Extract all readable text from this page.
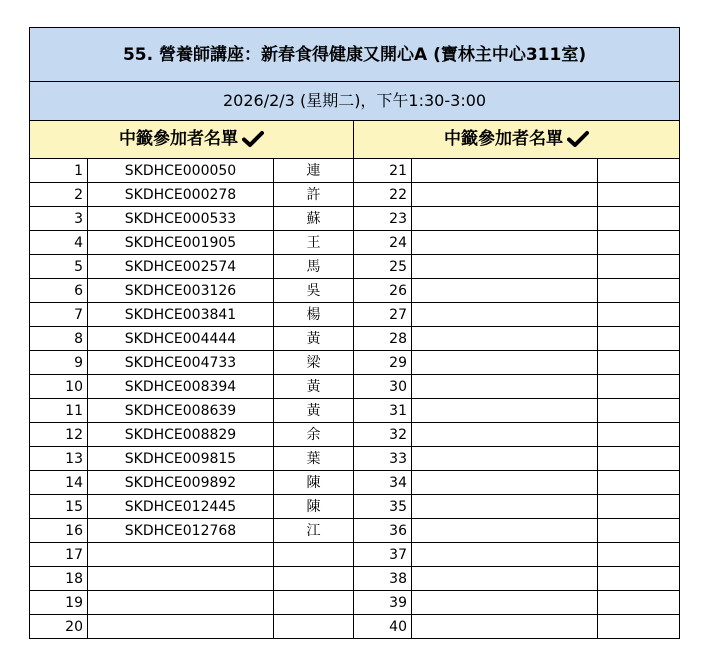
55. 營養師講座：新春食得健康又開心A (寶林主中心311室)					
2026/2/3 (星期二)，下午1:30-3:00					
中籤參加者名單			中籤參加者名單		
1	SKDHCE000050	連	21		
2	SKDHCE000278	許	22		
3	SKDHCE000533	蘇	23		
4	SKDHCE001905	王	24		
5	SKDHCE002574	馬	25		
6	SKDHCE003126	吳	26		
7	SKDHCE003841	楊	27		
8	SKDHCE004444	黃	28		
9	SKDHCE004733	梁	29		
10	SKDHCE008394	黃	30		
11	SKDHCE008639	黃	31		
12	SKDHCE008829	余	32		
13	SKDHCE009815	葉	33		
14	SKDHCE009892	陳	34		
15	SKDHCE012445	陳	35		
16	SKDHCE012768	江	36		
17			37		
18			38		
19			39		
20			40		
